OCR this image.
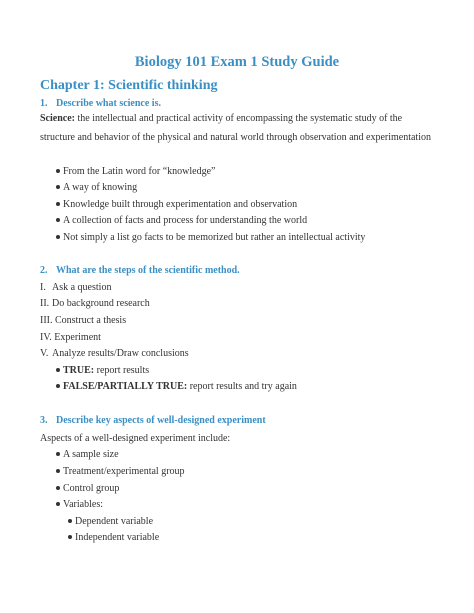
Biology 101 Exam 1 Study Guide
Chapter 1: Scientific thinking
1. Describe what science is.
Science: the intellectual and practical activity of encompassing the systematic study of the structure and behavior of the physical and natural world through observation and experimentation
From the Latin word for “knowledge”
A way of knowing
Knowledge built through experimentation and observation
A collection of facts and process for understanding the world
Not simply a list go facts to be memorized but rather an intellectual activity
2. What are the steps of the scientific method.
I. Ask a question
II. Do background research
III. Construct a thesis
IV. Experiment
V. Analyze results/Draw conclusions
TRUE: report results
FALSE/PARTIALLY TRUE: report results and try again
3. Describe key aspects of well-designed experiment
Aspects of a well-designed experiment include:
A sample size
Treatment/experimental group
Control group
Variables:
Dependent variable
Independent variable
